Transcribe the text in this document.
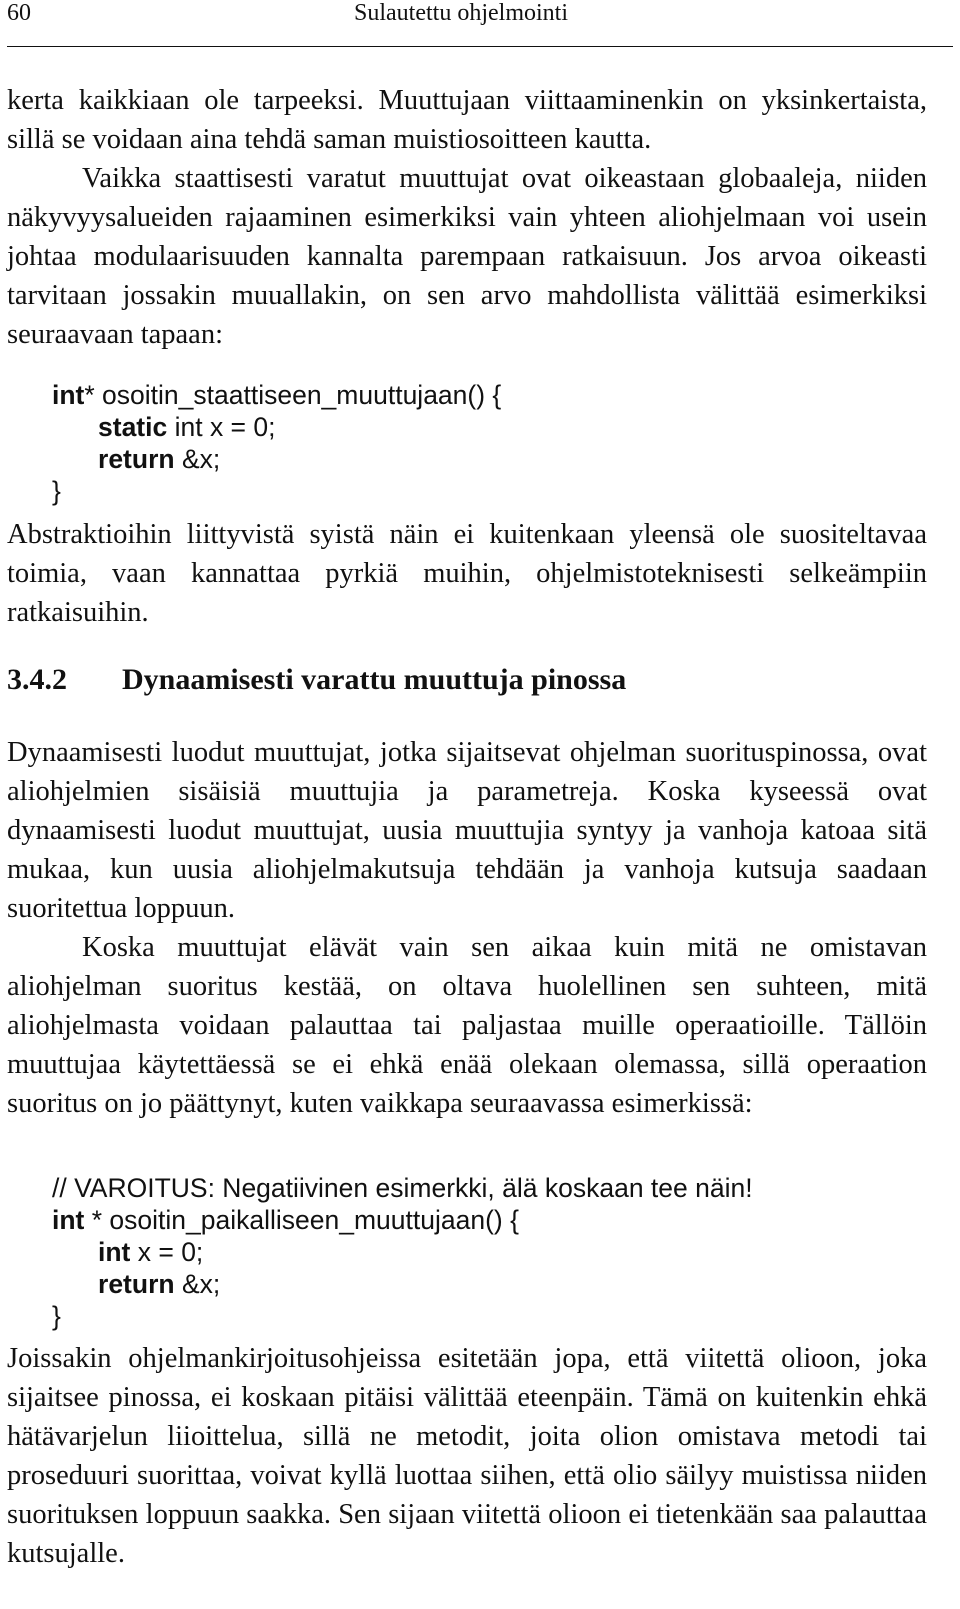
60	Sulautettu ohjelmointi

kerta kaikkiaan ole tarpeeksi. Muuttujaan viittaaminenkin on yksinkertaista, sillä se voidaan aina tehdä saman muistiosoitteen kautta.

Vaikka staattisesti varatut muuttujat ovat oikeastaan globaaleja, niiden näkyvyysalueiden rajaaminen esimerkiksi vain yhteen aliohjelmaan voi usein johtaa modulaarisuuden kannalta parempaan ratkaisuun. Jos arvoa oikeasti tarvitaan jossakin muuallakin, on sen arvo mahdollista välittää esimerkiksi seuraavaan tapaan:

int* osoitin_staattiseen_muuttujaan() {
static int x = 0;
return &x;
}

Abstraktioihin liittyvistä syistä näin ei kuitenkaan yleensä ole suositeltavaa toimia, vaan kannattaa pyrkiä muihin, ohjelmistoteknisesti selkeämpiin ratkaisuihin.

3.4.2 Dynaamisesti varattu muuttuja pinossa

Dynaamisesti luodut muuttujat, jotka sijaitsevat ohjelman suorituspinossa, ovat aliohjelmien sisäisiä muuttujia ja parametreja. Koska kyseessä ovat dynaamisesti luodut muuttujat, uusia muuttujia syntyy ja vanhoja katoaa sitä mukaa, kun uusia aliohjelmakutsuja tehdään ja vanhoja kutsuja saadaan suoritettua loppuun.

Koska muuttujat elävät vain sen aikaa kuin mitä ne omistavan aliohjelman suoritus kestää, on oltava huolellinen sen suhteen, mitä aliohjelmasta voidaan palauttaa tai paljastaa muille operaatioille. Tällöin muuttujaa käytettäessä se ei ehkä enää olekaan olemassa, sillä operaation suoritus on jo päättynyt, kuten vaikkapa seuraavassa esimerkissä:

// VAROITUS: Negatiivinen esimerkki, älä koskaan tee näin!
int * osoitin_paikalliseen_muuttujaan() {
int x = 0;
return &x;
}

Joissakin ohjelmankirjoitusohjeissa esitetään jopa, että viitettä olioon, joka sijaitsee pinossa, ei koskaan pitäisi välittää eteenpäin. Tämä on kuitenkin ehkä hätävarjelun liioittelua, sillä ne metodit, joita olion omistava metodi tai proseduuri suorittaa, voivat kyllä luottaa siihen, että olio säilyy muistissa niiden suorituksen loppuun saakka. Sen sijaan viitettä olioon ei tietenkään saa palauttaa kutsujalle.
